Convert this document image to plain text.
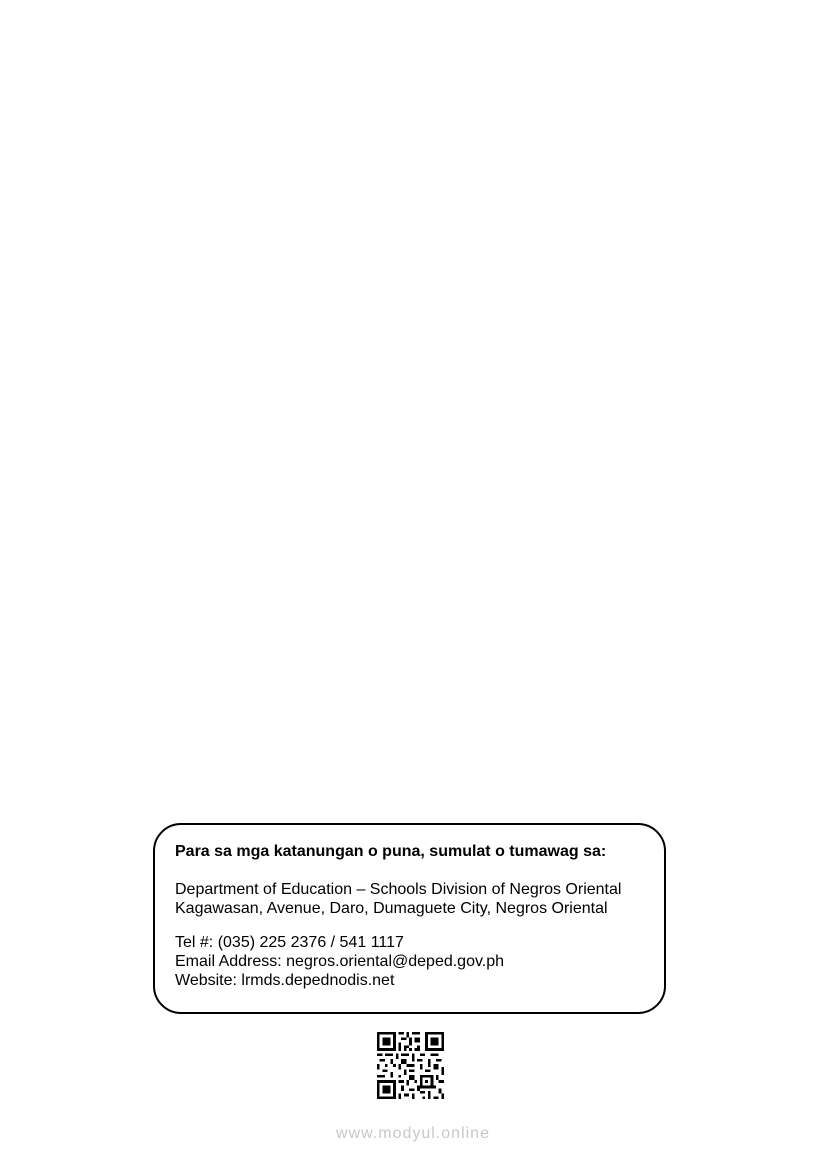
Para sa mga katanungan o puna, sumulat o tumawag sa:

Department of Education – Schools Division of Negros Oriental

Kagawasan, Avenue, Daro, Dumaguete City, Negros Oriental

Tel #: (035) 225 2376 / 541 1117

Email Address: negros.oriental@deped.gov.ph

Website: lrmds.depednodis.net

www.modyul.online
